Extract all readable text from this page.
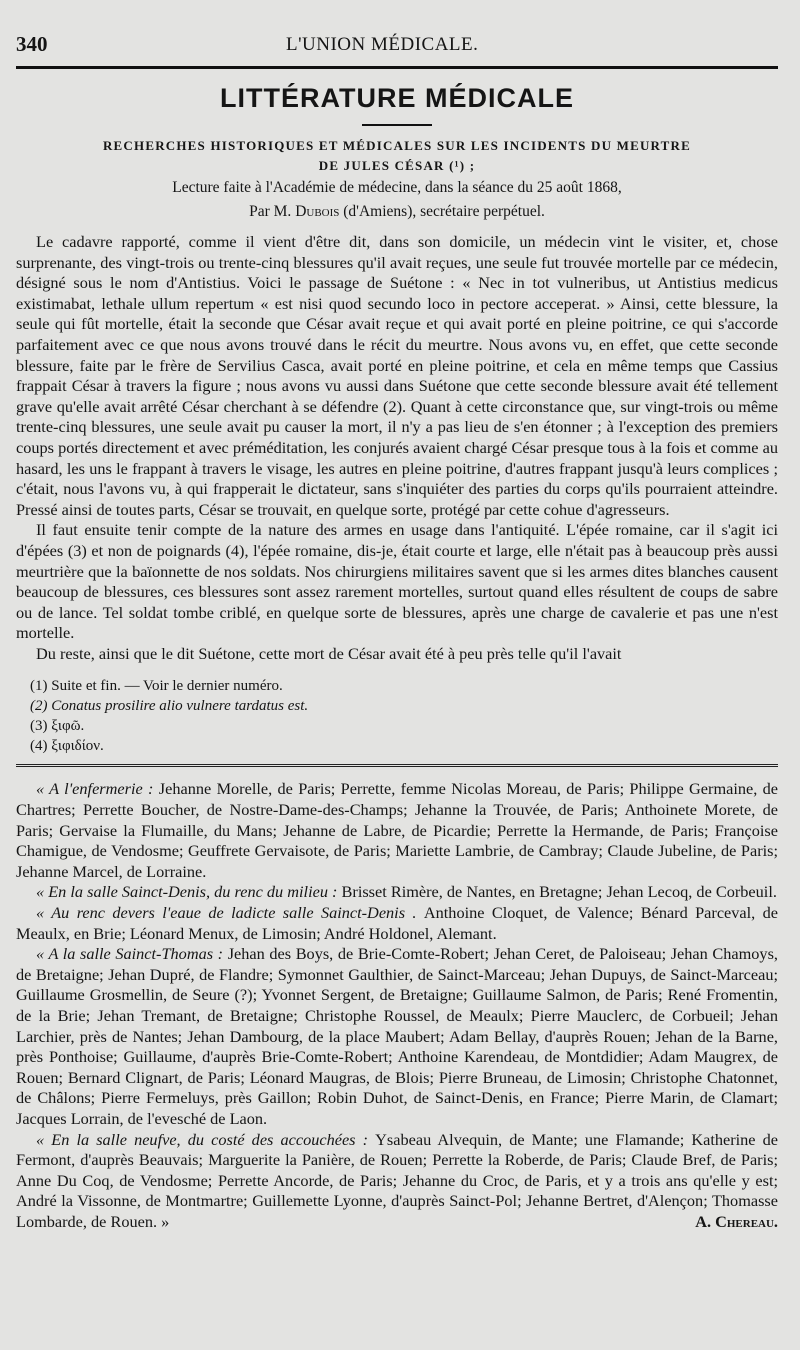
340	L'UNION MÉDICALE.
LITTÉRATURE MÉDICALE
RECHERCHES HISTORIQUES ET MÉDICALES SUR LES INCIDENTS DU MEURTRE
DE JULES CÉSAR (¹) ;
Lecture faite à l'Académie de médecine, dans la séance du 25 août 1868,
Par M. Dubois (d'Amiens), secrétaire perpétuel.

Le cadavre rapporté, comme il vient d'être dit, dans son domicile, un médecin vint le visiter, et, chose surprenante, des vingt-trois ou trente-cinq blessures qu'il avait reçues, une seule fut trouvée mortelle par ce médecin, désigné sous le nom d'Antistius. Voici le passage de Suétone : « Nec in tot vulneribus, ut Antistius medicus existimabat, lethale ullum repertum « est nisi quod secundo loco in pectore acceperat. » Ainsi, cette blessure, la seule qui fût mortelle, était la seconde que César avait reçue et qui avait porté en pleine poitrine, ce qui s'accorde parfaitement avec ce que nous avons trouvé dans le récit du meurtre. Nous avons vu, en effet, que cette seconde blessure, faite par le frère de Servilius Casca, avait porté en pleine poitrine, et cela en même temps que Cassius frappait César à travers la figure ; nous avons vu aussi dans Suétone que cette seconde blessure avait été tellement grave qu'elle avait arrêté César cherchant à se défendre (2). Quant à cette circonstance que, sur vingt-trois ou même trente-cinq blessures, une seule avait pu causer la mort, il n'y a pas lieu de s'en étonner ; à l'exception des premiers coups portés directement et avec préméditation, les conjurés avaient chargé César presque tous à la fois et comme au hasard, les uns le frappant à travers le visage, les autres en pleine poitrine, d'autres frappant jusqu'à leurs complices ; c'était, nous l'avons vu, à qui frapperait le dictateur, sans s'inquiéter des parties du corps qu'ils pourraient atteindre. Pressé ainsi de toutes parts, César se trouvait, en quelque sorte, protégé par cette cohue d'agresseurs.

Il faut ensuite tenir compte de la nature des armes en usage dans l'antiquité. L'épée romaine, car il s'agit ici d'épées (3) et non de poignards (4), l'épée romaine, dis-je, était courte et large, elle n'était pas à beaucoup près aussi meurtrière que la baïonnette de nos soldats. Nos chirurgiens militaires savent que si les armes dites blanches causent beaucoup de blessures, ces blessures sont assez rarement mortelles, surtout quand elles résultent de coups de sabre ou de lance. Tel soldat tombe criblé, en quelque sorte de blessures, après une charge de cavalerie et pas une n'est mortelle.

Du reste, ainsi que le dit Suétone, cette mort de César avait été à peu près telle qu'il l'avait

(1) Suite et fin. — Voir le dernier numéro.
(2) Conatus prosilire alio vulnere tardatus est.
(3) ξιφῶ.
(4) ξιφιδίον.

« A l'enfermerie : Jehanne Morelle, de Paris; Perrette, femme Nicolas Moreau, de Paris; Philippe Germaine, de Chartres; Perrette Boucher, de Nostre-Dame-des-Champs; Jehanne la Trouvée, de Paris; Anthoinete Morete, de Paris; Gervaise la Flumaille, du Mans; Jehanne de Labre, de Picardie; Perrette la Hermande, de Paris; Françoise Chamigue, de Vendosme; Geuffrete Gervaisote, de Paris; Mariette Lambrie, de Cambray; Claude Jubeline, de Paris; Jehanne Marcel, de Lorraine.

« En la salle Sainct-Denis, du renc du milieu : Brisset Rimère, de Nantes, en Bretagne; Jehan Lecoq, de Corbeuil.

« Au renc devers l'eaue de ladicte salle Sainct-Denis . Anthoine Cloquet, de Valence; Bénard Parceval, de Meaulx, en Brie; Léonard Menux, de Limosin; André Holdonel, Alemant.

« A la salle Sainct-Thomas : Jehan des Boys, de Brie-Comte-Robert; Jehan Ceret, de Paloiseau; Jehan Chamoys, de Bretaigne; Jehan Dupré, de Flandre; Symonnet Gaulthier, de Sainct-Marceau; Jehan Dupuys, de Sainct-Marceau; Guillaume Grosmellin, de Seure (?); Yvonnet Sergent, de Bretaigne; Guillaume Salmon, de Paris; René Fromentin, de la Brie; Jehan Tremant, de Bretaigne; Christophe Roussel, de Meaulx; Pierre Mauclerc, de Corbueil; Jehan Larchier, près de Nantes; Jehan Dambourg, de la place Maubert; Adam Bellay, d'auprès Rouen; Jehan de la Barne, près Ponthoise; Guillaume, d'auprès Brie-Comte-Robert; Anthoine Karendeau, de Montdidier; Adam Maugrex, de Rouen; Bernard Clignart, de Paris; Léonard Maugras, de Blois; Pierre Bruneau, de Limosin; Christophe Chatonnet, de Châlons; Pierre Fermeluys, près Gaillon; Robin Duhot, de Sainct-Denis, en France; Pierre Marin, de Clamart; Jacques Lorrain, de l'evesché de Laon.

« En la salle neufve, du costé des accouchées : Ysabeau Alvequin, de Mante; une Flamande; Katherine de Fermont, d'auprès Beauvais; Marguerite la Panière, de Rouen; Perrette la Roberde, de Paris; Claude Bref, de Paris; Anne Du Coq, de Vendosme; Perrette Ancorde, de Paris; Jehanne du Croc, de Paris, et y a trois ans qu'elle y est; André la Vissonne, de Montmartre; Guillemette Lyonne, d'auprès Sainct-Pol; Jehanne Bertret, d'Alençon; Thomasse Lombarde, de Rouen. »	A. Chereau.
